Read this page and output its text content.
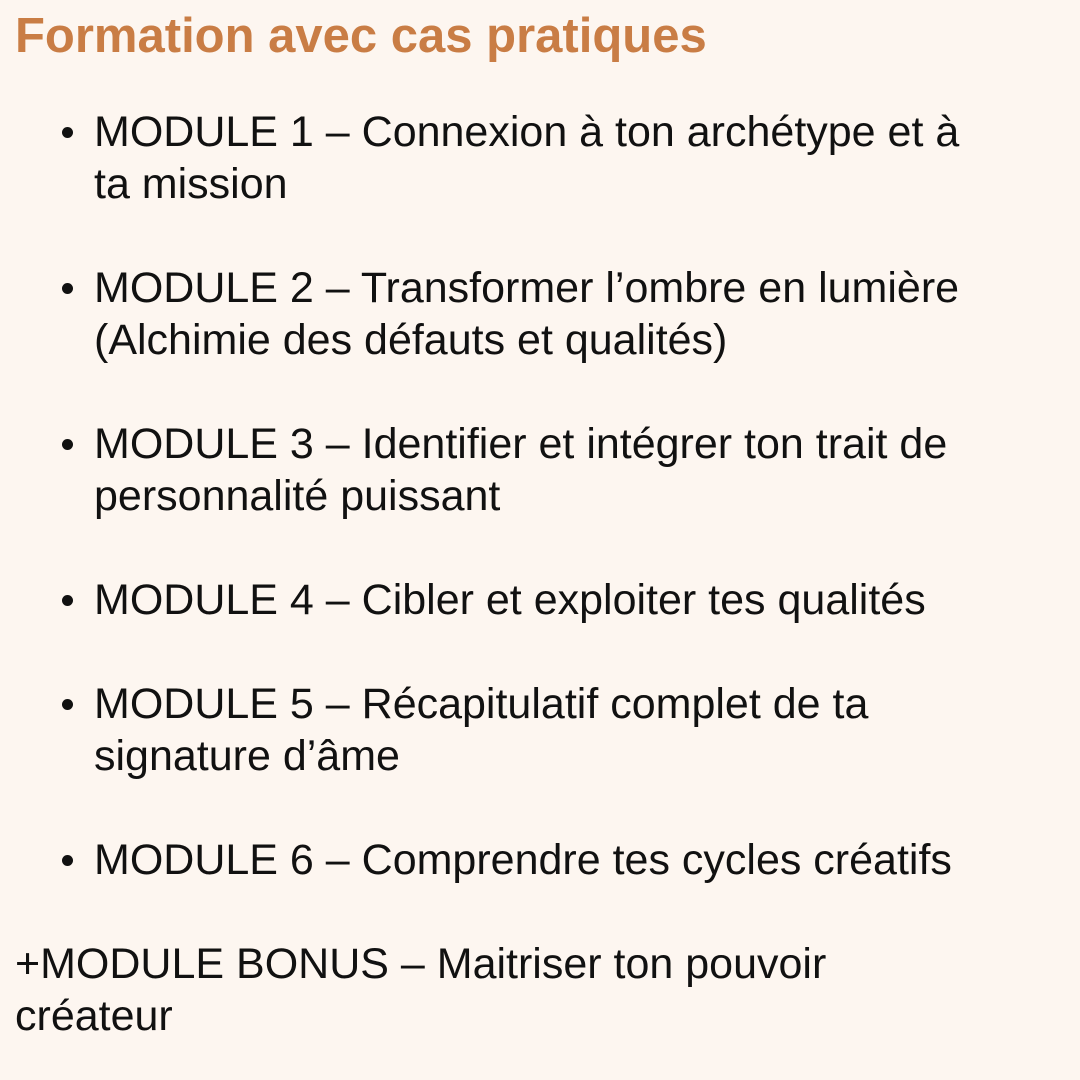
Formation avec cas pratiques
MODULE 1 – Connexion à ton archétype et à
ta mission
MODULE 2 – Transformer l’ombre en lumière
(Alchimie des défauts et qualités)
MODULE 3 – Identifier et intégrer ton trait de
personnalité puissant
MODULE 4 – Cibler et exploiter tes qualités
MODULE 5 – Récapitulatif complet de ta
signature d’âme
MODULE 6 – Comprendre tes cycles créatifs

+MODULE BONUS – Maitriser ton pouvoir
créateur
